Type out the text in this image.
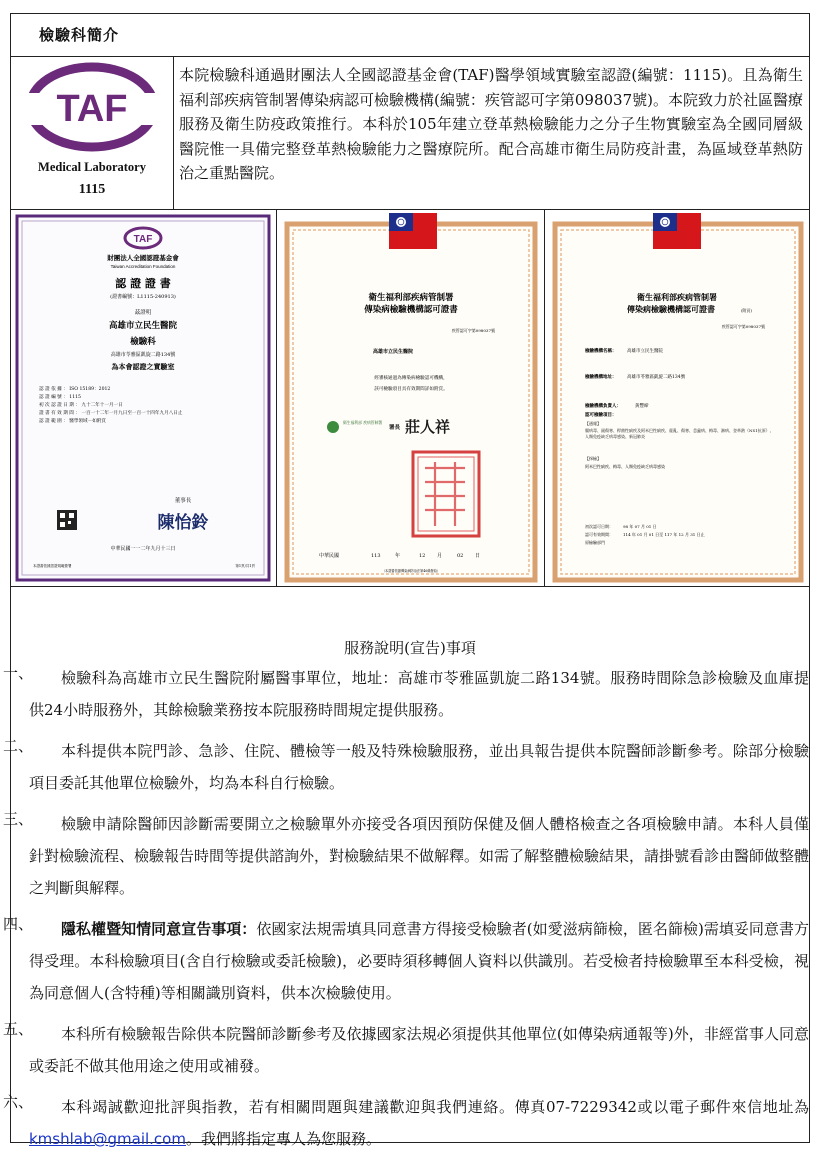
檢驗科簡介
TAF
Medical Laboratory
1115
本院檢驗科通過財團法人全國認證基金會(TAF)醫學領域實驗室認證(編號：1115)。且為衛生福利部疾病管制署傳染病認可檢驗機構(編號：疾管認可字第098037號)。本院致力於社區醫療服務及衛生防疫政策推行。本科於105年建立登革熱檢驗能力之分子生物實驗室為全國同層級醫院惟一具備完整登革熱檢驗能力之醫療院所。配合高雄市衛生局防疫計畫，為區域登革熱防治之重點醫院。
TAF
財團法人全國認證基金會
Taiwan Accreditation Foundation
認 證 證 書
(證書編號：L1115-240913)
茲證明
高雄市立民生醫院
檢驗科
高雄市苓雅區凱旋二路134號
為本會認證之實驗室
認 證 依 據 ： ISO 15189：2012
認 證 編 號 ： 1115
初 次 認 證 日 期 ： 九十二年十一月一日
證 書 有 效 期 間 ： 一百一十二年一月九日至一百一十四年九月八日止
認 證 範 圍 ： 醫學領域－如附頁
董事長
陳怡鈴
中華民國一一二年九月十三日
本證書依據認證規範簽署	第1頁/共1頁
衛生福利部疾病管制署
傳染病檢驗機構認可證書
疾管認可字第098037號
高雄市立民生醫院
經審核通過為傳染病檢驗認可機構，
該可檢驗項目具有效期間詳如附頁。
衛生福利部 疾病管制署
署長 莊人祥
中華民國	113	年	12 月	02 日
（本證書依據傳染病防治法第46條發給）
衛生福利部疾病管制署
傳染病檢驗機構認可證書	(附頁)
疾管認可字第098037號
檢驗機構名稱： 高雄市立民生醫院
檢驗機構地址： 高雄市苓雅區凱旋二路134號
檢驗機構負責人：	黃豐締
認可檢驗項目：
【通報】
腸病毒、副傷寒、桿菌性痢疾及阿米巴性痢疾、霍亂、傷寒、恙蟲病、梅毒、淋病、登革熱（NS1抗原）、人類免疫缺乏病毒感染、新冠肺炎
【採檢】
阿米巴性痢疾、梅毒、人類免疫缺乏病毒感染
初次認可日期：	98 年 07 月 01 日
認可有效期間：	114 年 01 月 01 日至 117 年 12 月 31 日止
原檢驗部門
服務說明(宣告)事項
一、	檢驗科為高雄市立民生醫院附屬醫事單位，地址：高雄市苓雅區凱旋二路134號。服務時間除急診檢驗及血庫提供24小時服務外，其餘檢驗業務按本院服務時間規定提供服務。
二、	本科提供本院門診、急診、住院、體檢等一般及特殊檢驗服務，並出具報告提供本院醫師診斷參考。除部分檢驗項目委託其他單位檢驗外，均為本科自行檢驗。
三、	檢驗申請除醫師因診斷需要開立之檢驗單外亦接受各項因預防保健及個人體格檢查之各項檢驗申請。本科人員僅針對檢驗流程、檢驗報告時間等提供諮詢外，對檢驗結果不做解釋。如需了解整體檢驗結果，請掛號看診由醫師做整體之判斷與解釋。
四、	隱私權暨知情同意宣告事項：依國家法規需填具同意書方得接受檢驗者(如愛滋病篩檢，匿名篩檢)需填妥同意書方得受理。本科檢驗項目(含自行檢驗或委託檢驗)，必要時須移轉個人資料以供識別。若受檢者持檢驗單至本科受檢，視為同意個人(含特種)等相關識別資料，供本次檢驗使用。
五、	本科所有檢驗報告除供本院醫師診斷參考及依據國家法規必須提供其他單位(如傳染病通報等)外，非經當事人同意或委託不做其他用途之使用或補發。
六、	本科竭誠歡迎批評與指教，若有相關問題與建議歡迎與我們連絡。傳真07-7229342或以電子郵件來信地址為kmshlab@gmail.com。我們將指定專人為您服務。
